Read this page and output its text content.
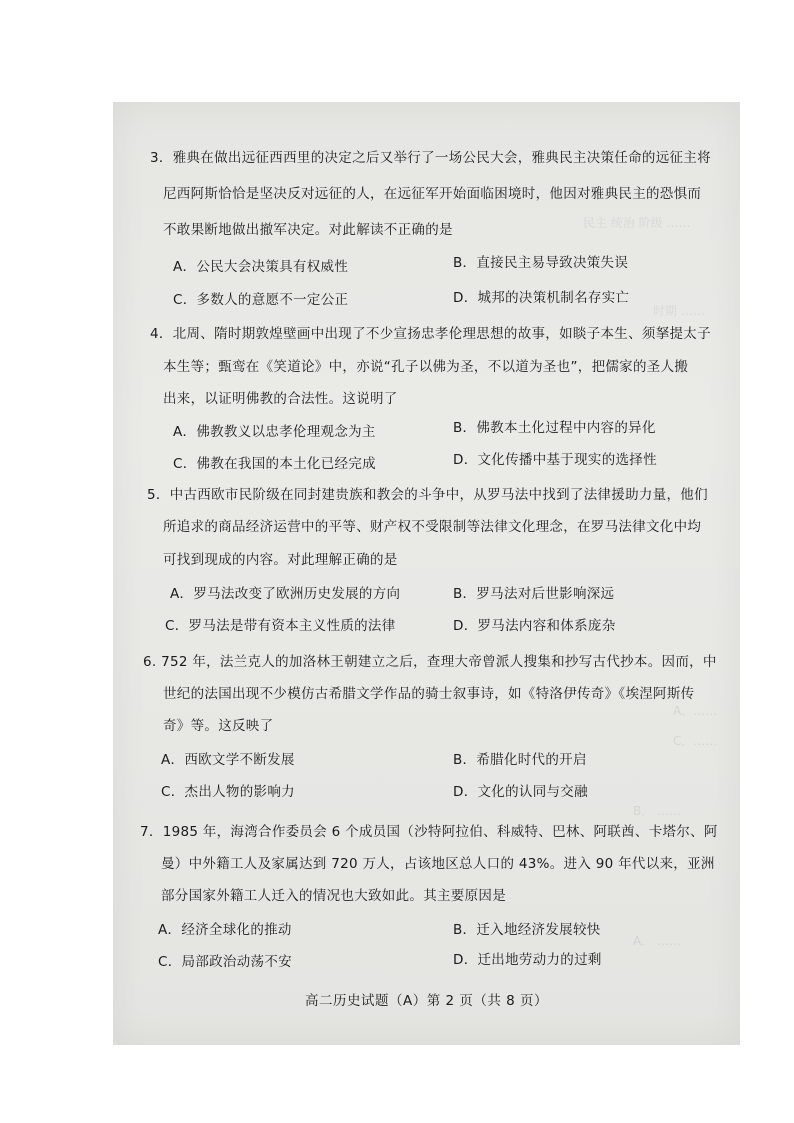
民主 统治 阶级 ……
时期 ……
A．……
C．……
B． ……
A． ……
3．雅典在做出远征西西里的决定之后又举行了一场公民大会，雅典民主决策任命的远征主将
尼西阿斯恰恰是坚决反对远征的人，在远征军开始面临困境时，他因对雅典民主的恐惧而
不敢果断地做出撤军决定。对此解读不正确的是
A．公民大会决策具有权威性	B．直接民主易导致决策失误
C．多数人的意愿不一定公正	D．城邦的决策机制名存实亡
4．北周、隋时期敦煌壁画中出现了不少宣扬忠孝伦理思想的故事，如睒子本生、须拏提太子
本生等；甄鸾在《笑道论》中，亦说“孔子以佛为圣，不以道为圣也”，把儒家的圣人搬
出来，以证明佛教的合法性。这说明了
A．佛教教义以忠孝伦理观念为主	B．佛教本土化过程中内容的异化
C．佛教在我国的本土化已经完成	D．文化传播中基于现实的选择性
5．中古西欧市民阶级在同封建贵族和教会的斗争中，从罗马法中找到了法律援助力量，他们
所追求的商品经济运营中的平等、财产权不受限制等法律文化理念，在罗马法律文化中均
可找到现成的内容。对此理解正确的是
A．罗马法改变了欧洲历史发展的方向	B．罗马法对后世影响深远
C．罗马法是带有资本主义性质的法律	D．罗马法内容和体系庞杂
6. 752 年，法兰克人的加洛林王朝建立之后，查理大帝曾派人搜集和抄写古代抄本。因而，中
世纪的法国出现不少模仿古希腊文学作品的骑士叙事诗，如《特洛伊传奇》《埃涅阿斯传
奇》等。这反映了
A．西欧文学不断发展	B．希腊化时代的开启
C．杰出人物的影响力	D．文化的认同与交融
7．1985 年，海湾合作委员会 6 个成员国（沙特阿拉伯、科威特、巴林、阿联酋、卡塔尔、阿
曼）中外籍工人及家属达到 720 万人，占该地区总人口的 43%。进入 90 年代以来，亚洲
部分国家外籍工人迁入的情况也大致如此。其主要原因是
A．经济全球化的推动	B．迁入地经济发展较快
C．局部政治动荡不安	D．迁出地劳动力的过剩
高二历史试题（A）第 2 页（共 8 页）
